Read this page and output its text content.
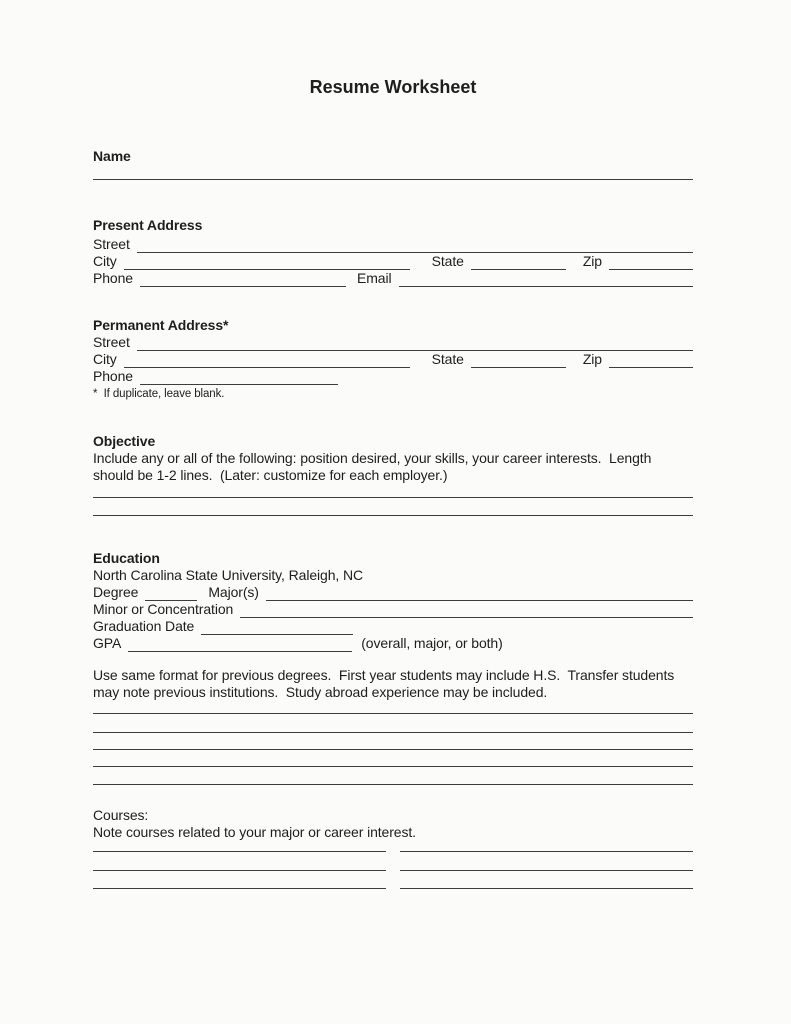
Resume Worksheet
Name
Present Address
Street
City	State	Zip
Phone	Email
Permanent Address*
Street
City	State	Zip
Phone
*  If duplicate, leave blank.
Objective

Include any or all of the following: position desired, your skills, your career interests.  Length should be 1-2 lines.  (Later: customize for each employer.)

Education
North Carolina State University, Raleigh, NC
Degree	Major(s)
Minor or Concentration
Graduation Date
GPA	(overall, major, or both)

Use same format for previous degrees.  First year students may include H.S.  Transfer students may note previous institutions.  Study abroad experience may be included.

Courses:
Note courses related to your major or career interest.
